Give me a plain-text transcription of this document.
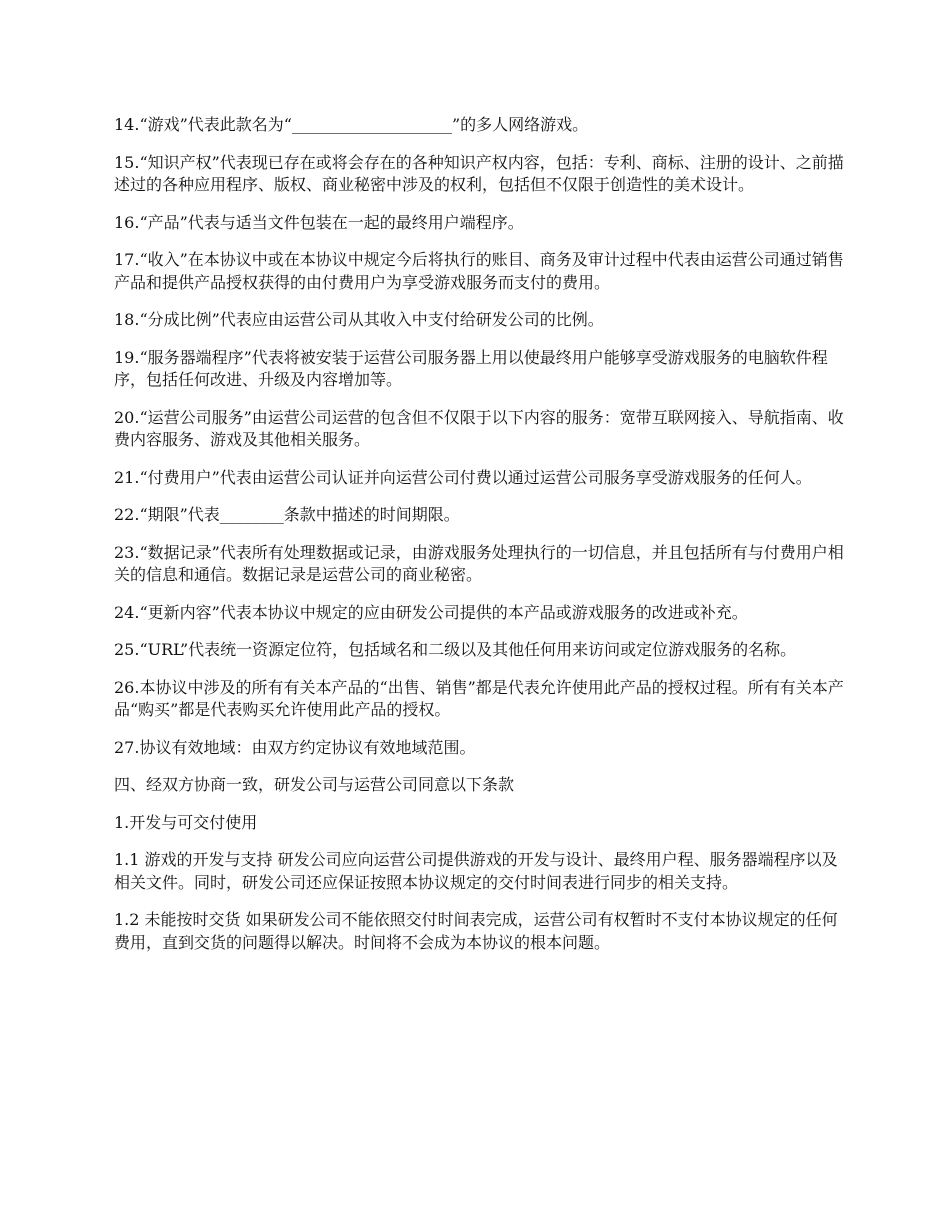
14.“游戏”代表此款名为“____________________”的多人网络游戏。

15.“知识产权”代表现已存在或将会存在的各种知识产权内容，包括：专利、商标、注册的设计、之前描述过的各种应用程序、版权、商业秘密中涉及的权利，包括但不仅限于创造性的美术设计。

16.“产品”代表与适当文件包装在一起的最终用户端程序。

17.“收入”在本协议中或在本协议中规定今后将执行的账目、商务及审计过程中代表由运营公司通过销售产品和提供产品授权获得的由付费用户为享受游戏服务而支付的费用。

18.“分成比例”代表应由运营公司从其收入中支付给研发公司的比例。

19.“服务器端程序”代表将被安装于运营公司服务器上用以使最终用户能够享受游戏服务的电脑软件程序，包括任何改进、升级及内容增加等。

20.“运营公司服务”由运营公司运营的包含但不仅限于以下内容的服务：宽带互联网接入、导航指南、收费内容服务、游戏及其他相关服务。

21.“付费用户”代表由运营公司认证并向运营公司付费以通过运营公司服务享受游戏服务的任何人。

22.“期限”代表________条款中描述的时间期限。

23.“数据记录”代表所有处理数据或记录，由游戏服务处理执行的一切信息，并且包括所有与付费用户相关的信息和通信。数据记录是运营公司的商业秘密。

24.“更新内容”代表本协议中规定的应由研发公司提供的本产品或游戏服务的改进或补充。

25.“URL”代表统一资源定位符，包括域名和二级以及其他任何用来访问或定位游戏服务的名称。

26.本协议中涉及的所有有关本产品的“出售、销售”都是代表允许使用此产品的授权过程。所有有关本产品“购买”都是代表购买允许使用此产品的授权。

27.协议有效地域：由双方约定协议有效地域范围。

四、经双方协商一致，研发公司与运营公司同意以下条款

1.开发与可交付使用

1.1 游戏的开发与支持 研发公司应向运营公司提供游戏的开发与设计、最终用户程、服务器端程序以及相关文件。同时，研发公司还应保证按照本协议规定的交付时间表进行同步的相关支持。

1.2 未能按时交货 如果研发公司不能依照交付时间表完成，运营公司有权暂时不支付本协议规定的任何费用，直到交货的问题得以解决。时间将不会成为本协议的根本问题。
